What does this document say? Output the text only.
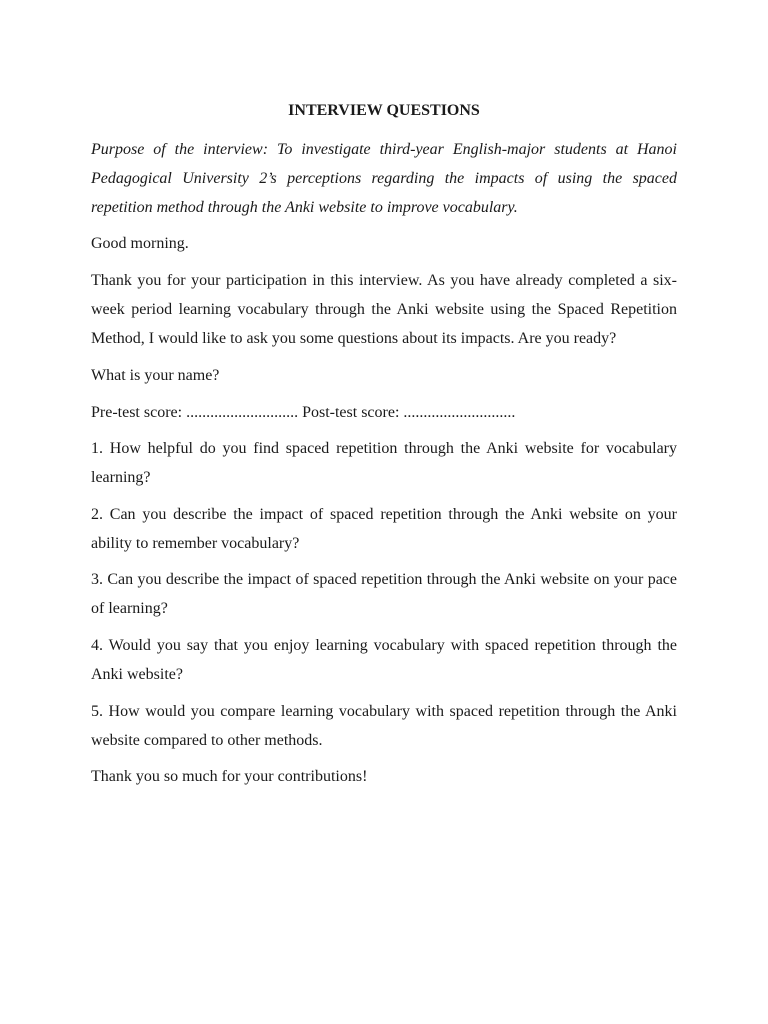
INTERVIEW QUESTIONS

Purpose of the interview: To investigate third-year English-major students at Hanoi Pedagogical University 2’s perceptions regarding the impacts of using the spaced repetition method through the Anki website to improve vocabulary.

Good morning.

Thank you for your participation in this interview. As you have already completed a six-week period learning vocabulary through the Anki website using the Spaced Repetition Method, I would like to ask you some questions about its impacts. Are you ready?

What is your name?

Pre-test score: ............................ Post-test score: ............................

1. How helpful do you find spaced repetition through the Anki website for vocabulary learning?

2. Can you describe the impact of spaced repetition through the Anki website on your ability to remember vocabulary?

3. Can you describe the impact of spaced repetition through the Anki website on your pace of learning?

4. Would you say that you enjoy learning vocabulary with spaced repetition through the Anki website?

5. How would you compare learning vocabulary with spaced repetition through the Anki website compared to other methods.

Thank you so much for your contributions!
